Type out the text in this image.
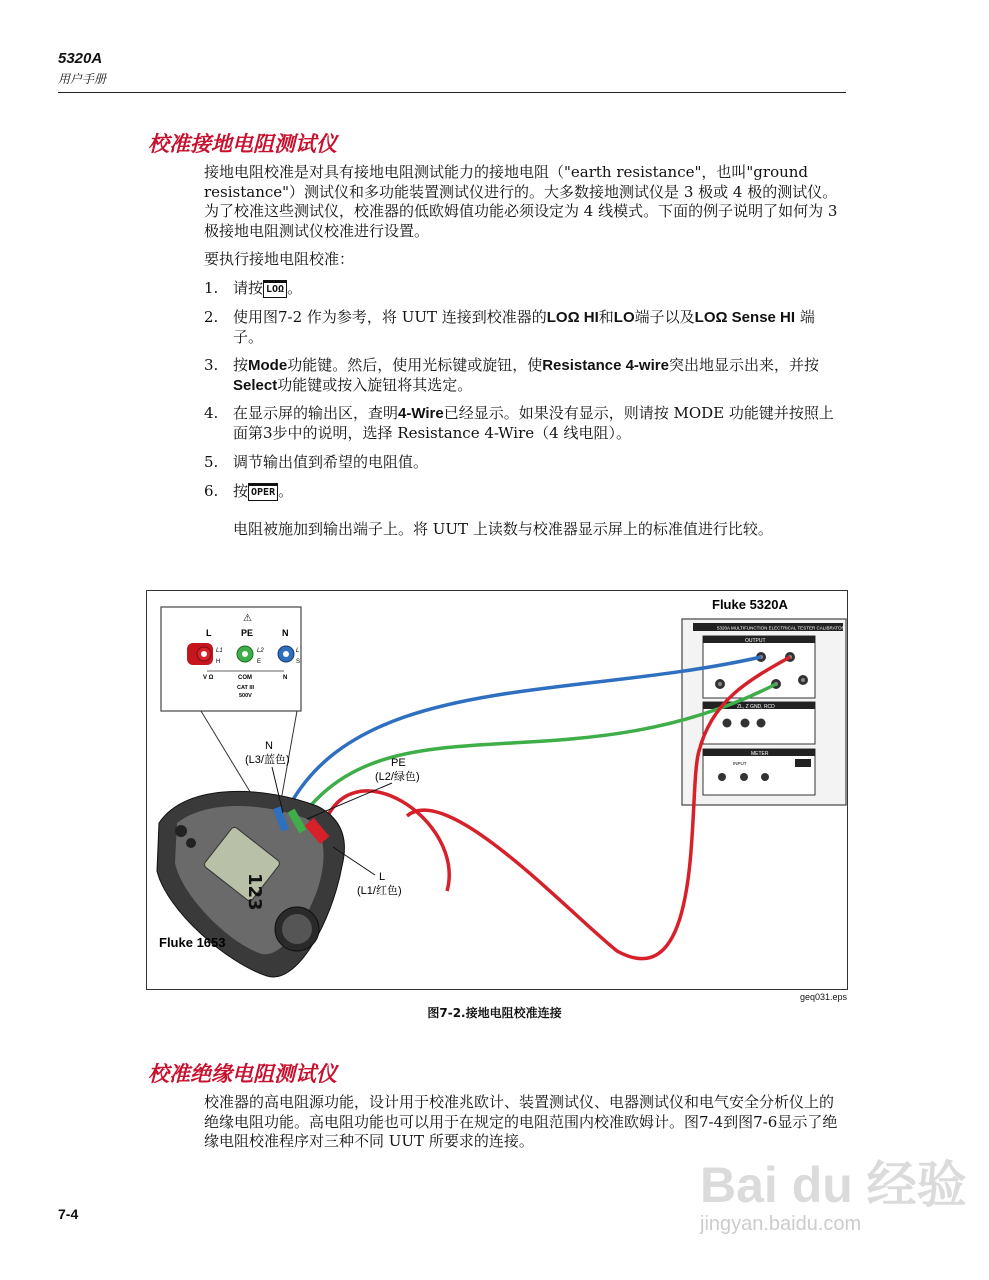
5320A
用户手册
校准接地电阻测试仪
接地电阻校准是对具有接地电阻测试能力的接地电阻（"earth resistance"，也叫"ground resistance"）测试仪和多功能装置测试仪进行的。大多数接地测试仪是 3 极或 4 极的测试仪。为了校准这些测试仪，校准器的低欧姆值功能必须设定为 4 线模式。下面的例子说明了如何为 3 极接地电阻测试仪校准进行设置。
要执行接地电阻校准：
1. 请按 LOΩ 。
2. 使用图7-2 作为参考，将 UUT 连接到校准器的LOΩ HI和LO端子以及LOΩ Sense HI 端子。
3. 按Mode功能键。然后，使用光标键或旋钮，使Resistance 4-wire突出地显示出来，并按Select功能键或按入旋钮将其选定。
4. 在显示屏的输出区，查明4-Wire已经显示。如果没有显示，则请按 MODE 功能键并按照上面第3步中的说明，选择 Resistance 4-Wire（4 线电阻）。
5. 调节输出值到希望的电阻值。
6. 按 OPER 。
电阻被施加到输出端子上。将 UUT 上读数与校准器显示屏上的标准值进行比较。
Fluke 5320A
5320A MULTIFUNCTION ELECTRICAL TESTER CALIBRATOR
OUTPUT
ZL, Z GND, RCD
METER
INPUT
⚠
L	PE	N
L1
H
L2
E
L
S
V Ω	COM	N
CAT III
500V
123
Fluke 1653
N
(L3/蓝色)	PE
(L2/绿色)
L
(L1/红色)
geq031.eps
图7-2.接地电阻校准连接
校准绝缘电阻测试仪
校准器的高电阻源功能，设计用于校准兆欧计、装置测试仪、电器测试仪和电气安全分析仪上的绝缘电阻功能。高电阻功能也可以用于在规定的电阻范围内校准欧姆计。图7-4到图7-6显示了绝缘电阻校准程序对三种不同 UUT 所要求的连接。
7-4
Bai du 经验
jingyan.baidu.com
